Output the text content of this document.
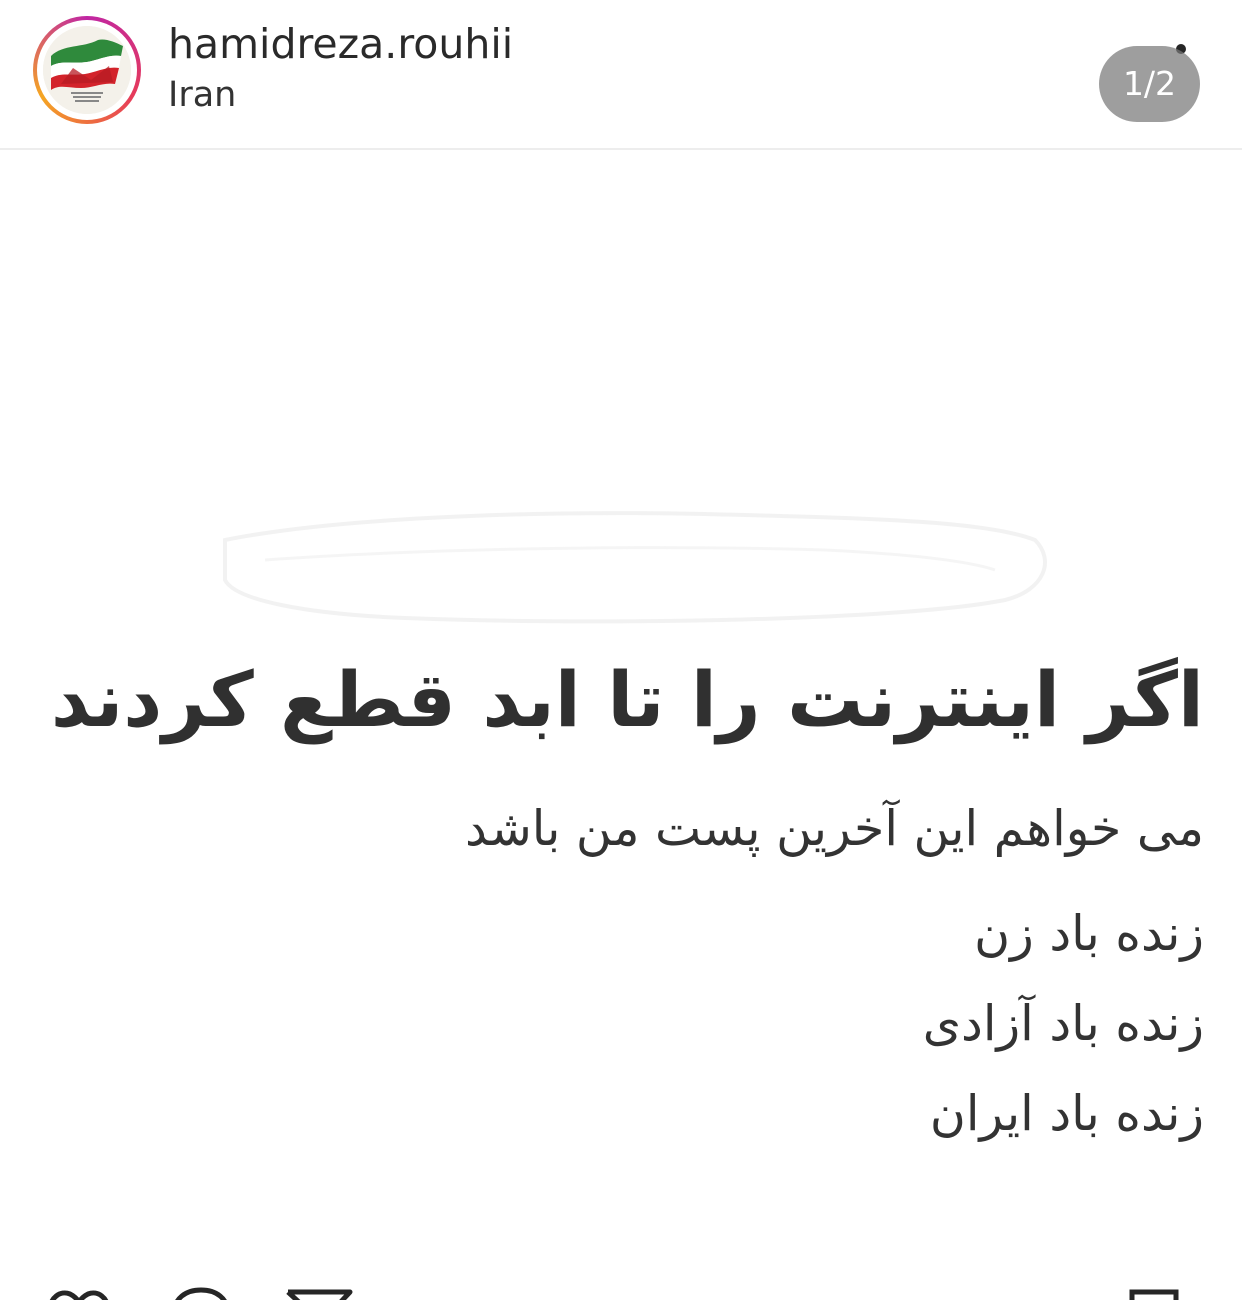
hamidreza.rouhii
Iran	1/2
اگر اینترنت را تا ابد قطع کردند
می خواهم این آخرین پست من باشد
زنده باد زن
زنده باد آزادی
زنده باد ایران
